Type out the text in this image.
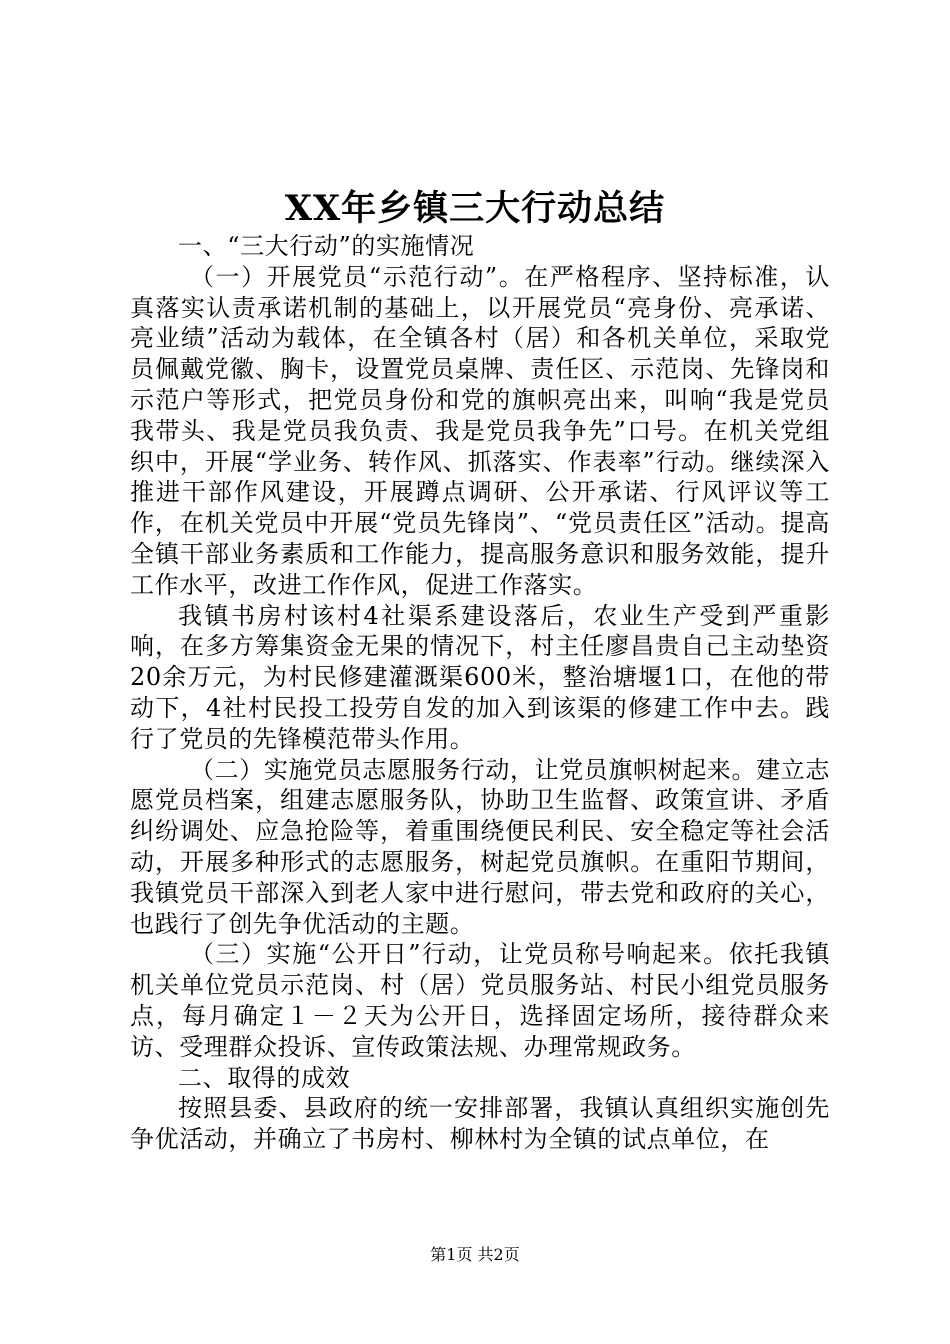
XX年乡镇三大行动总结

一、“三大行动”的实施情况

（一）开展党员“示范行动”。在严格程序、坚持标准，认真落实认责承诺机制的基础上，以开展党员“亮身份、亮承诺、亮业绩”活动为载体，在全镇各村（居）和各机关单位，采取党员佩戴党徽、胸卡，设置党员桌牌、责任区、示范岗、先锋岗和示范户等形式，把党员身份和党的旗帜亮出来，叫响“我是党员我带头、我是党员我负责、我是党员我争先”口号。在机关党组织中，开展“学业务、转作风、抓落实、作表率”行动。继续深入推进干部作风建设，开展蹲点调研、公开承诺、行风评议等工作，在机关党员中开展“党员先锋岗”、“党员责任区”活动。提高全镇干部业务素质和工作能力，提高服务意识和服务效能，提升工作水平，改进工作作风，促进工作落实。

我镇书房村该村4社渠系建设落后，农业生产受到严重影响，在多方筹集资金无果的情况下，村主任廖昌贵自己主动垫资20余万元，为村民修建灌溉渠600米，整治塘堰1口，在他的带动下，4社村民投工投劳自发的加入到该渠的修建工作中去。践行了党员的先锋模范带头作用。

（二）实施党员志愿服务行动，让党员旗帜树起来。建立志愿党员档案，组建志愿服务队，协助卫生监督、政策宣讲、矛盾纠纷调处、应急抢险等，着重围绕便民利民、安全稳定等社会活动，开展多种形式的志愿服务，树起党员旗帜。在重阳节期间，我镇党员干部深入到老人家中进行慰问，带去党和政府的关心，也践行了创先争优活动的主题。

（三）实施“公开日”行动，让党员称号响起来。依托我镇机关单位党员示范岗、村（居）党员服务站、村民小组党员服务点，每月确定１－２天为公开日，选择固定场所，接待群众来访、受理群众投诉、宣传政策法规、办理常规政务。

二、取得的成效

按照县委、县政府的统一安排部署，我镇认真组织实施创先争优活动，并确立了书房村、柳林村为全镇的试点单位，在

第1页 共2页
